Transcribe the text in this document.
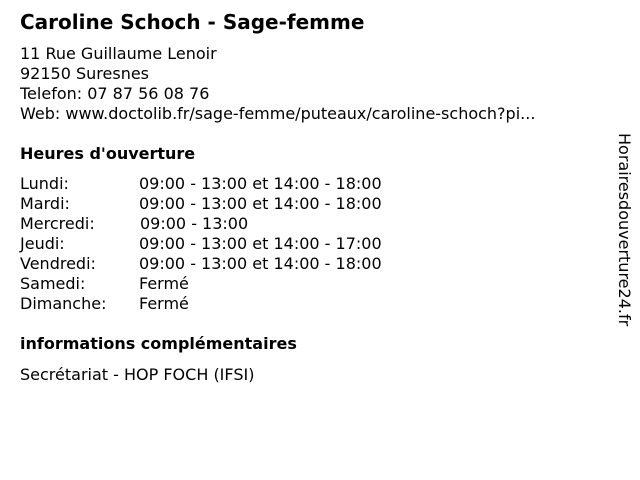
Caroline Schoch - Sage-femme
11 Rue Guillaume Lenoir
92150 Suresnes
Telefon: 07 87 56 08 76
Web: www.doctolib.fr/sage-femme/puteaux/caroline-schoch?pi...
Heures d'ouverture
Lundi:	09:00 - 13:00 et 14:00 - 18:00
Mardi:	09:00 - 13:00 et 14:00 - 18:00
Mercredi:	09:00 - 13:00
Jeudi:	09:00 - 13:00 et 14:00 - 17:00
Vendredi:	09:00 - 13:00 et 14:00 - 18:00
Samedi:	Fermé
Dimanche: Fermé
informations complémentaires
Secrétariat - HOP FOCH (IFSI)
Horairesdouverture24.fr
